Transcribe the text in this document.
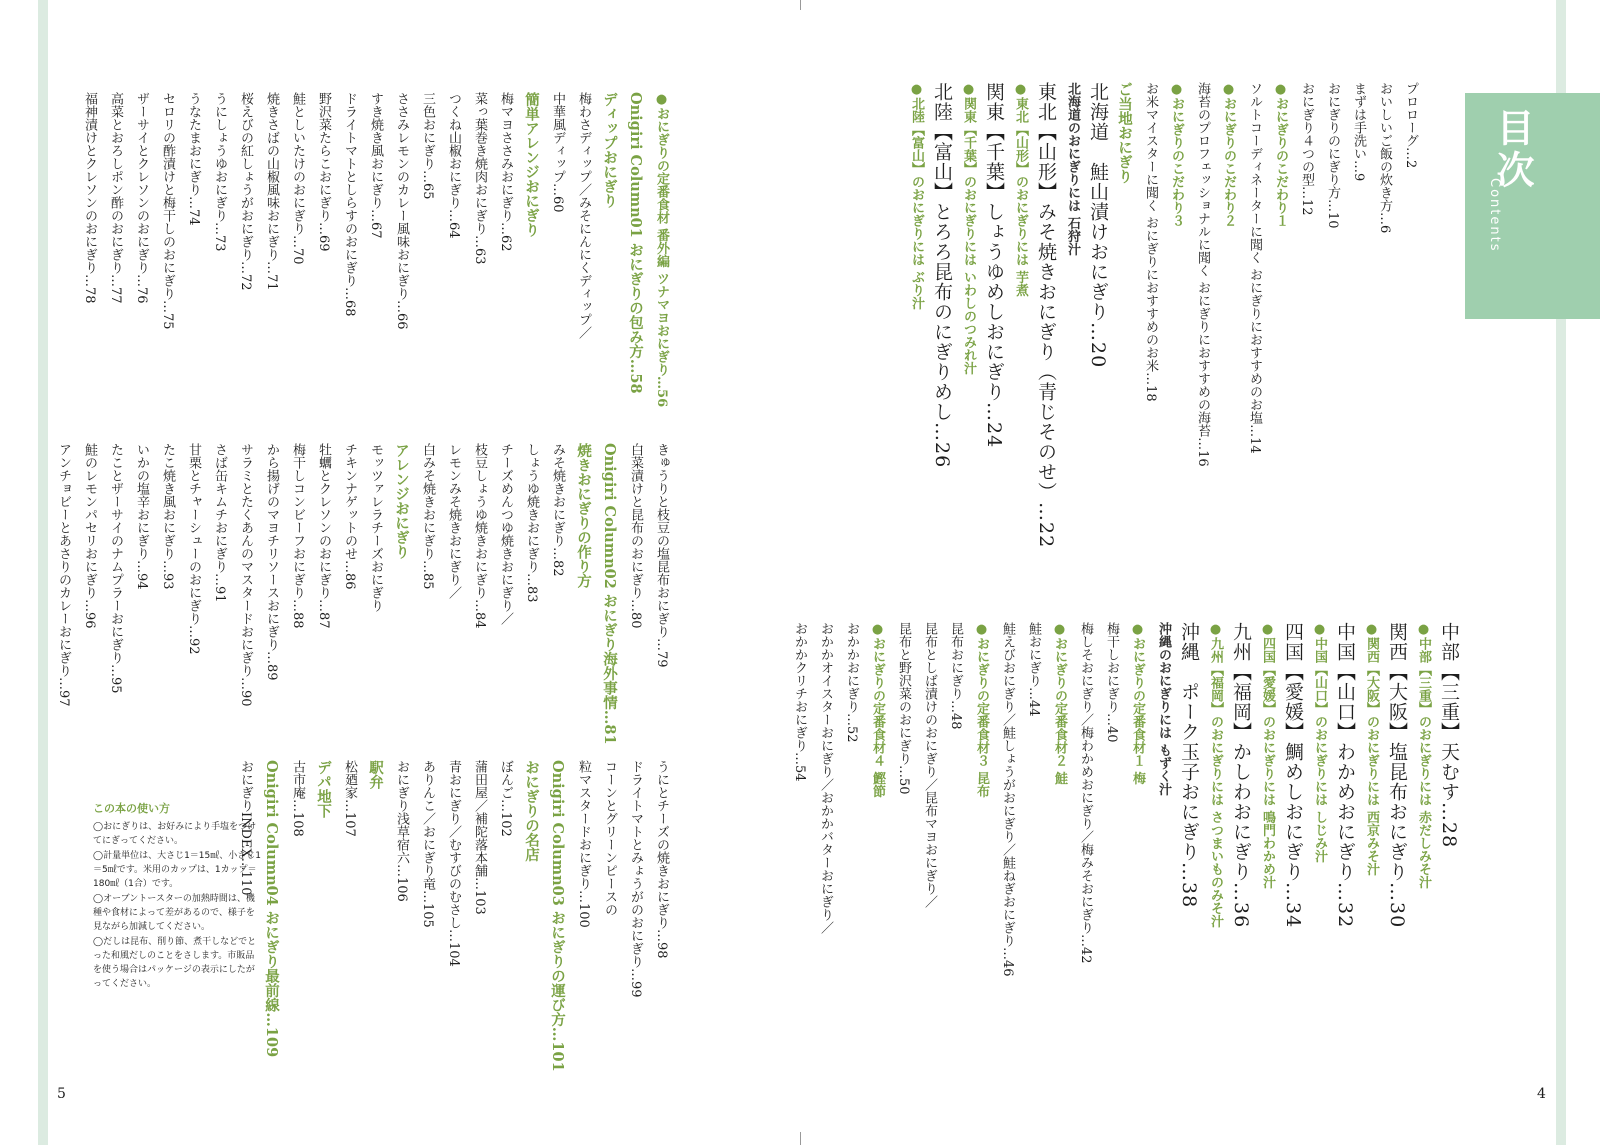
目次
Contents
プロローグ…2
おいしいご飯の炊き方…6
まずは手洗い…9
おにぎりのにぎり方…10
おにぎり４つの型…12
● おにぎりのこだわり１
ソルトコーディネーターに聞く おにぎりにおすすめのお塩…14
● おにぎりのこだわり２
海苔のプロフェッショナルに聞く おにぎりにおすすめの海苔…16
● おにぎりのこだわり３
お米マイスターに聞く おにぎりにおすすめのお米…18
ご当地おにぎり
北海道　鮭山漬けおにぎり…20
北海道のおにぎりには 石狩汁
東北【山形】みそ焼きおにぎり（青じそのせ）…22
● 東北【山形】のおにぎりには 芋煮
関東【千葉】しょうゆめしおにぎり…24
● 関東【千葉】のおにぎりには いわしのつみれ汁
北陸【富山】とろろ昆布のにぎりめし…26
● 北陸【富山】のおにぎりには ぶり汁
中部【三重】天むす…28
● 中部【三重】のおにぎりには 赤だしみそ汁
関西【大阪】塩昆布おにぎり…30
● 関西【大阪】のおにぎりには 西京みそ汁
中国【山口】わかめおにぎり…32
● 中国【山口】のおにぎりには しじみ汁
四国【愛媛】鯛めしおにぎり…34
● 四国【愛媛】のおにぎりには 鳴門わかめ汁
九州【福岡】かしわおにぎり…36
● 九州【福岡】のおにぎりには さつまいものみそ汁
沖縄　ポーク玉子おにぎり…38
沖縄のおにぎりには もずく汁
● おにぎりの定番食材１ 梅
梅干しおにぎり…40
梅しそおにぎり／梅わかめおにぎり／梅みそおにぎり…42
● おにぎりの定番食材２ 鮭
鮭おにぎり…44
鮭えびおにぎり／鮭しょうがおにぎり／鮭ねぎおにぎり…46
● おにぎりの定番食材３ 昆布
昆布おにぎり…48
昆布としば漬けのおにぎり／昆布マヨおにぎり／
昆布と野沢菜のおにぎり…50
● おにぎりの定番食材４ 鰹節
おかかおにぎり…52
おかかオイスターおにぎり／おかかバターおにぎり／
おかかクリチおにぎり…54
● おにぎりの定番食材 番外編 ツナマヨおにぎり…56
Onigiri Column01 おにぎりの包み方…58
ディップおにぎり
梅わさディップ／みそにんにくディップ／
中華風ディップ…60
簡単アレンジおにぎり
梅マヨささみおにぎり…62
菜っ葉巻き焼肉おにぎり…63
つくね山椒おにぎり…64
三色おにぎり…65
ささみレモンのカレー風味おにぎり…66
すき焼き風おにぎり…67
ドライトマトとしらすのおにぎり…68
野沢菜たらこおにぎり…69
鮭としいたけのおにぎり…70
焼きさばの山椒風味おにぎり…71
桜えびの紅しょうがおにぎり…72
うにしょうゆおにぎり…73
うなたまおにぎり…74
セロリの酢漬けと梅干しのおにぎり…75
ザーサイとクレソンのおにぎり…76
高菜とおろしポン酢のおにぎり…77
福神漬けとクレソンのおにぎり…78
きゅうりと枝豆の塩昆布おにぎり…79
白菜漬けと昆布のおにぎり…80
Onigiri Column02 おにぎり海外事情…81
焼きおにぎりの作り方
みそ焼きおにぎり…82
しょうゆ焼きおにぎり…83
チーズめんつゆ焼きおにぎり／
枝豆しょうゆ焼きおにぎり…84
レモンみそ焼きおにぎり／
白みそ焼きおにぎり…85
アレンジおにぎり
モッツァレラチーズおにぎり
チキンナゲットのせ…86
牡蠣とクレソンのおにぎり…87
梅干しコンビーフおにぎり…88
から揚げのマヨチリソースおにぎり…89
サラミとたくあんのマスタードおにぎり…90
さば缶キムチおにぎり…91
甘栗とチャーシューのおにぎり…92
たこ焼き風おにぎり…93
いかの塩辛おにぎり…94
たことザーサイのナムプラーおにぎり…95
鮭のレモンパセリおにぎり…96
アンチョビーとあさりのカレーおにぎり…97
うにとチーズの焼きおにぎり…98
ドライトマトとみょうがのおにぎり…99
コーンとグリーンピースの
粒マスタードおにぎり…100
Onigiri Column03 おにぎりの運び方…101
おにぎりの名店
ぼんご…102
蒲田屋／補陀落本舗…103
青おにぎり／むすびのむさし…104
ありんこ／おにぎり竜…105
おにぎり浅草宿六…106
駅弁
松廼家…107
デパ地下
古市庵…108
Onigiri Column04 おにぎり最前線…109
おにぎりINDEX…110
この本の使い方
◯おにぎりは、お好みにより手塩をつけてにぎってください。
◯計量単位は、大さじ1＝15㎖、小さじ1＝5㎖です。米用のカップは、1カップ＝180㎖（1合）です。
◯オーブントースターの加熱時間は、機種や食材によって差があるので、様子を見ながら加減してください。
◯だしは昆布、削り節、煮干しなどでとった和風だしのことをさします。市販品を使う場合はパッケージの表示にしたがってください。
5	4
